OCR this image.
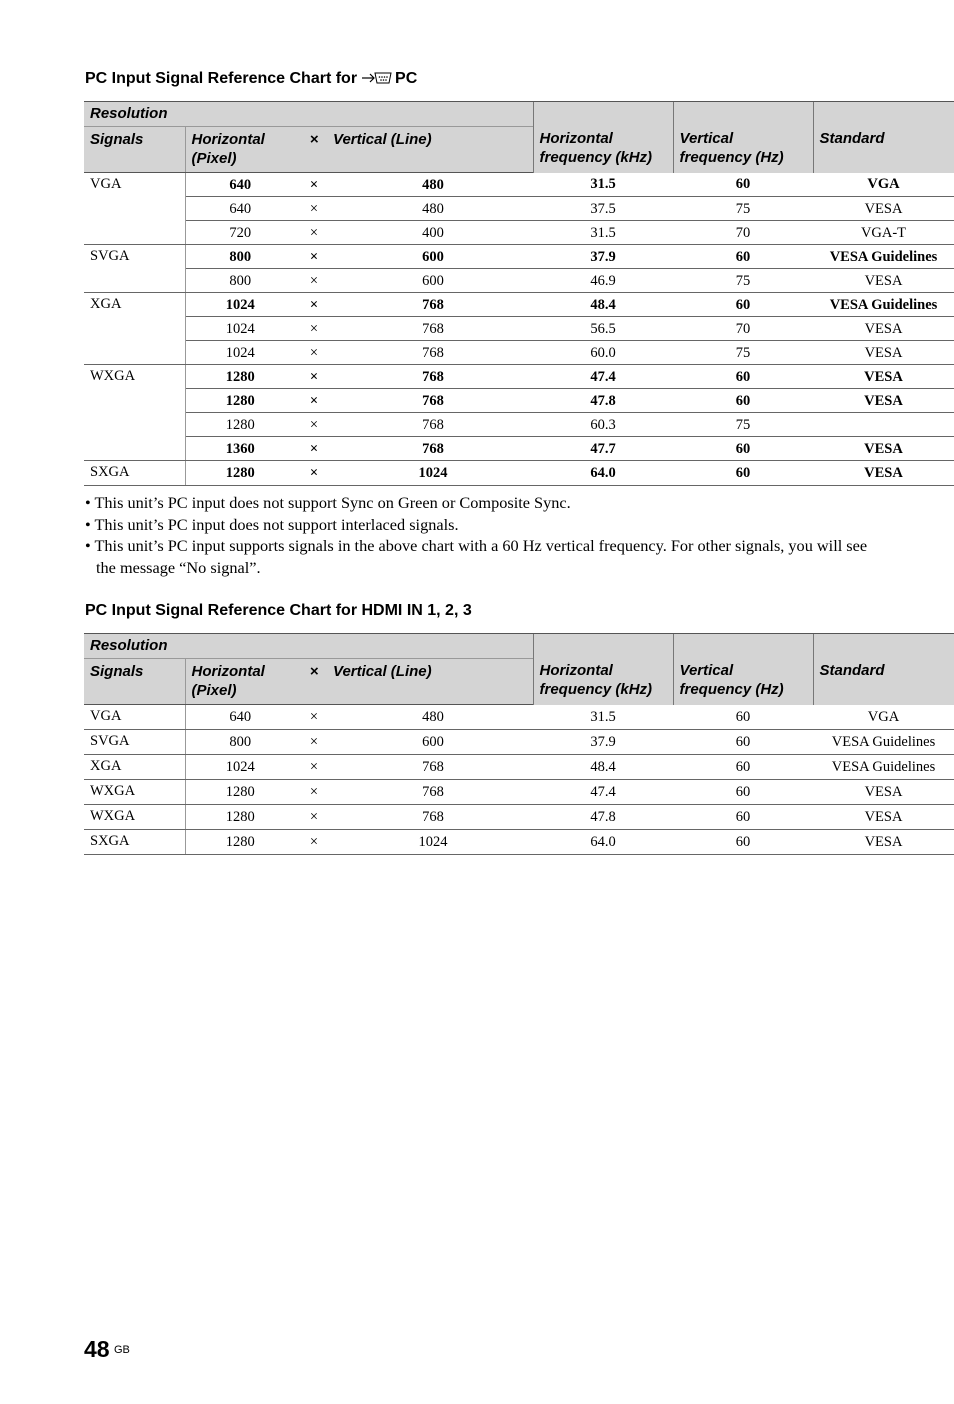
PC Input Signal Reference Chart for PC
Resolution				Horizontal
frequency (kHz)	Vertical
frequency (Hz)	Standard
Signals	Horizontal
(Pixel)	×	Vertical (Line)			
VGA	640	×	480	31.5	60	VGA
	640	×	480	37.5	75	VESA
	720	×	400	31.5	70	VGA-T
SVGA	800	×	600	37.9	60	VESA Guidelines
	800	×	600	46.9	75	VESA
XGA	1024	×	768	48.4	60	VESA Guidelines
	1024	×	768	56.5	70	VESA
	1024	×	768	60.0	75	VESA
WXGA	1280	×	768	47.4	60	VESA
	1280	×	768	47.8	60	VESA
	1280	×	768	60.3	75	
	1360	×	768	47.7	60	VESA
SXGA	1280	×	1024	64.0	60	VESA

• This unit’s PC input does not support Sync on Green or Composite Sync.

• This unit’s PC input does not support interlaced signals.

• This unit’s PC input supports signals in the above chart with a 60 Hz vertical frequency. For other signals, you will see the message “No signal”.

PC Input Signal Reference Chart for HDMI IN 1, 2, 3
Resolution				Horizontal
frequency (kHz)	Vertical
frequency (Hz)	Standard
Signals	Horizontal
(Pixel)	×	Vertical (Line)			
VGA	640	×	480	31.5	60	VGA
SVGA	800	×	600	37.9	60	VESA Guidelines
XGA	1024	×	768	48.4	60	VESA Guidelines
WXGA	1280	×	768	47.4	60	VESA
WXGA	1280	×	768	47.8	60	VESA
SXGA	1280	×	1024	64.0	60	VESA
48 GB
